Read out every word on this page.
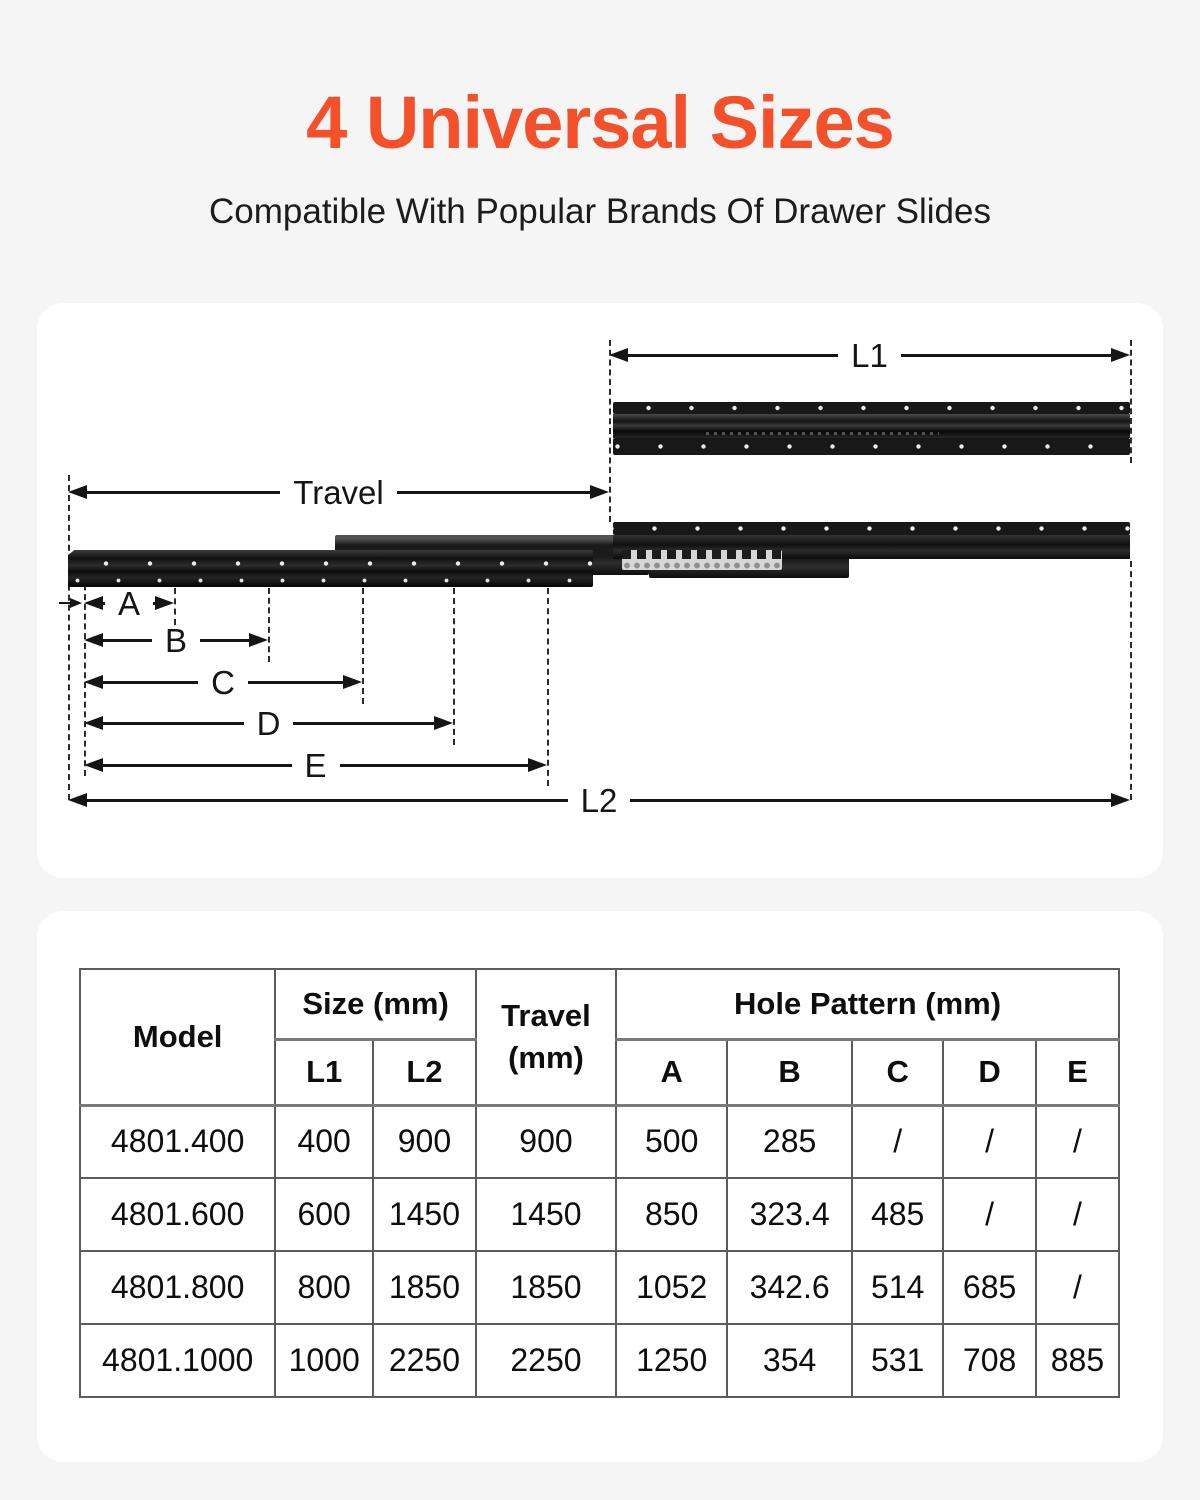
4 Universal Sizes

Compatible With Popular Brands Of Drawer Slides

L1
Travel
A
B
C
D
E
L2
Model	Size (mm)		Travel
(mm)	Hole Pattern (mm)				
	L1	L2		A	B	C	D	E
4801.400	400	900	900	500	285	/	/	/
4801.600	600	1450	1450	850	323.4	485	/	/
4801.800	800	1850	1850	1052	342.6	514	685	/
4801.1000	1000	2250	2250	1250	354	531	708	885
